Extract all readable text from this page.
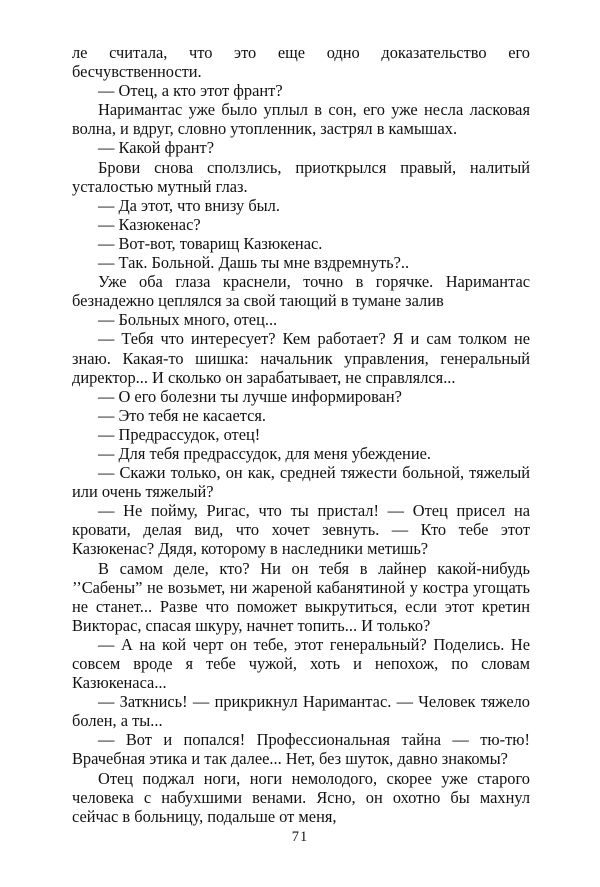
ле считала, что это еще одно доказательство его бесчувственности.

— Отец, а кто этот франт?

Наримантас уже было уплыл в сон, его уже несла ласковая волна, и вдруг, словно утопленник, застрял в камышах.

— Какой франт?

Брови снова сползлись, приоткрылся правый, налитый усталостью мутный глаз.

— Да этот, что внизу был.

— Казюкенас?

— Вот-вот, товарищ Казюкенас.

— Так. Больной. Дашь ты мне вздремнуть?..

Уже оба глаза краснели, точно в горячке. Наримантас безнадежно цеплялся за свой тающий в тумане залив

— Больных много, отец...

— Тебя что интересует? Кем работает? Я и сам толком не знаю. Какая-то шишка: начальник управления, генеральный директор... И сколько он зарабатывает, не справлялся...

— О его болезни ты лучше информирован?

— Это тебя не касается.

— Предрассудок, отец!

— Для тебя предрассудок, для меня убеждение.

— Скажи только, он как, средней тяжести больной, тяжелый или очень тяжелый?

— Не пойму, Ригас, что ты пристал! — Отец присел на кровати, делая вид, что хочет зевнуть. — Кто тебе этот Казюкенас? Дядя, которому в наследники метишь?

В самом деле, кто? Ни он тебя в лайнер какой-нибудь ’’Сабены” не возьмет, ни жареной кабанятиной у костра угощать не станет... Разве что поможет выкрутиться, если этот кретин Викторас, спасая шкуру, начнет топить... И только?

— А на кой черт он тебе, этот генеральный? Поделись. Не совсем вроде я тебе чужой, хоть и непохож, по словам Казюкенаса...

— Заткнись! — прикрикнул Наримантас. — Человек тяжело болен, а ты...

— Вот и попался! Профессиональная тайна — тю-тю! Врачебная этика и так далее... Нет, без шуток, давно знакомы?

Отец поджал ноги, ноги немолодого, скорее уже старого человека с набухшими венами. Ясно, он охотно бы махнул сейчас в больницу, подальше от меня,

71
